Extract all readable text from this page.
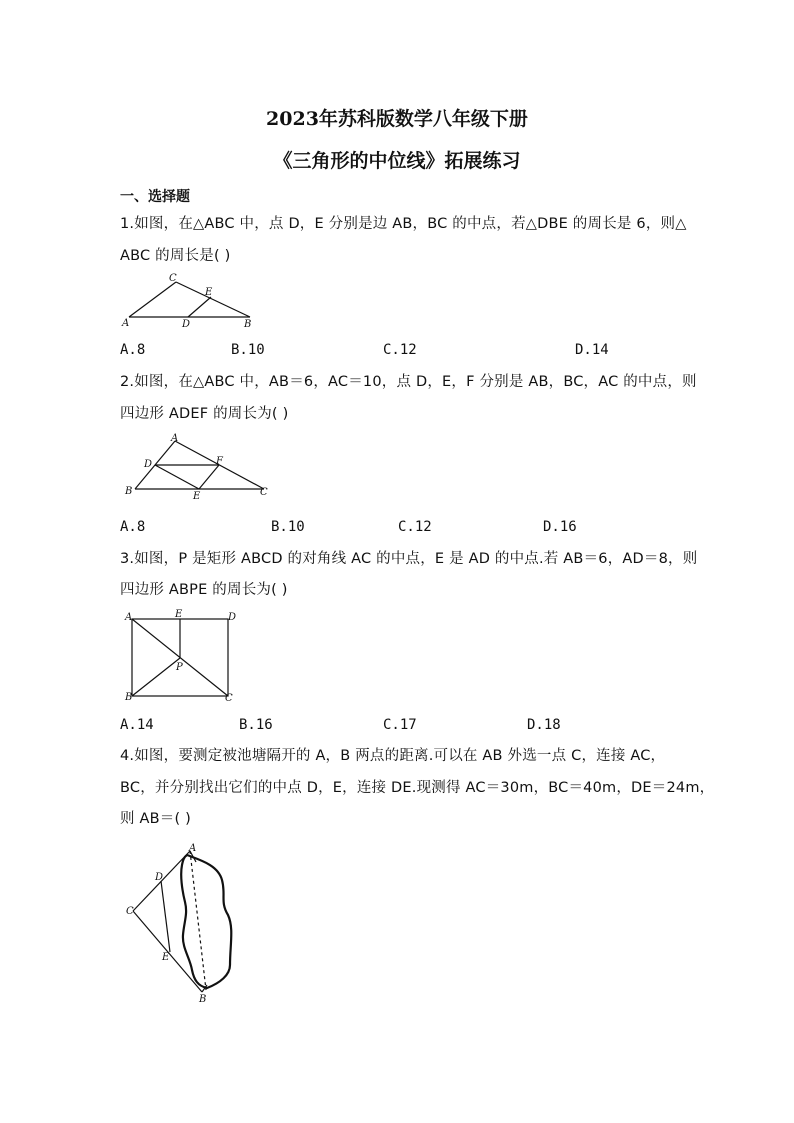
2023年苏科版数学八年级下册
《三角形的中位线》拓展练习
一、选择题
1.如图，在△ABC 中，点 D，E 分别是边 AB，BC 的中点，若△DBE 的周长是 6，则△
ABC 的周长是( )
C
E
A	D	B
A.8	B.10	C.12	D.14
2.如图，在△ABC 中，AB＝6，AC＝10，点 D，E，F 分别是 AB，BC，AC 的中点，则
四边形 ADEF 的周长为( )
A
D	F
B	E	C
A.8	B.10	C.12	D.16
3.如图，P 是矩形 ABCD 的对角线 AC 的中点，E 是 AD 的中点.若 AB＝6，AD＝8，则
四边形 ABPE 的周长为( )
A	E	D
P
B	C
A.14	B.16	C.17	D.18
4.如图，要测定被池塘隔开的 A，B 两点的距离.可以在 AB 外选一点 C，连接 AC，
BC，并分别找出它们的中点 D，E，连接 DE.现测得 AC＝30m，BC＝40m，DE＝24m，
则 AB＝( )
A
D
C
E
B
